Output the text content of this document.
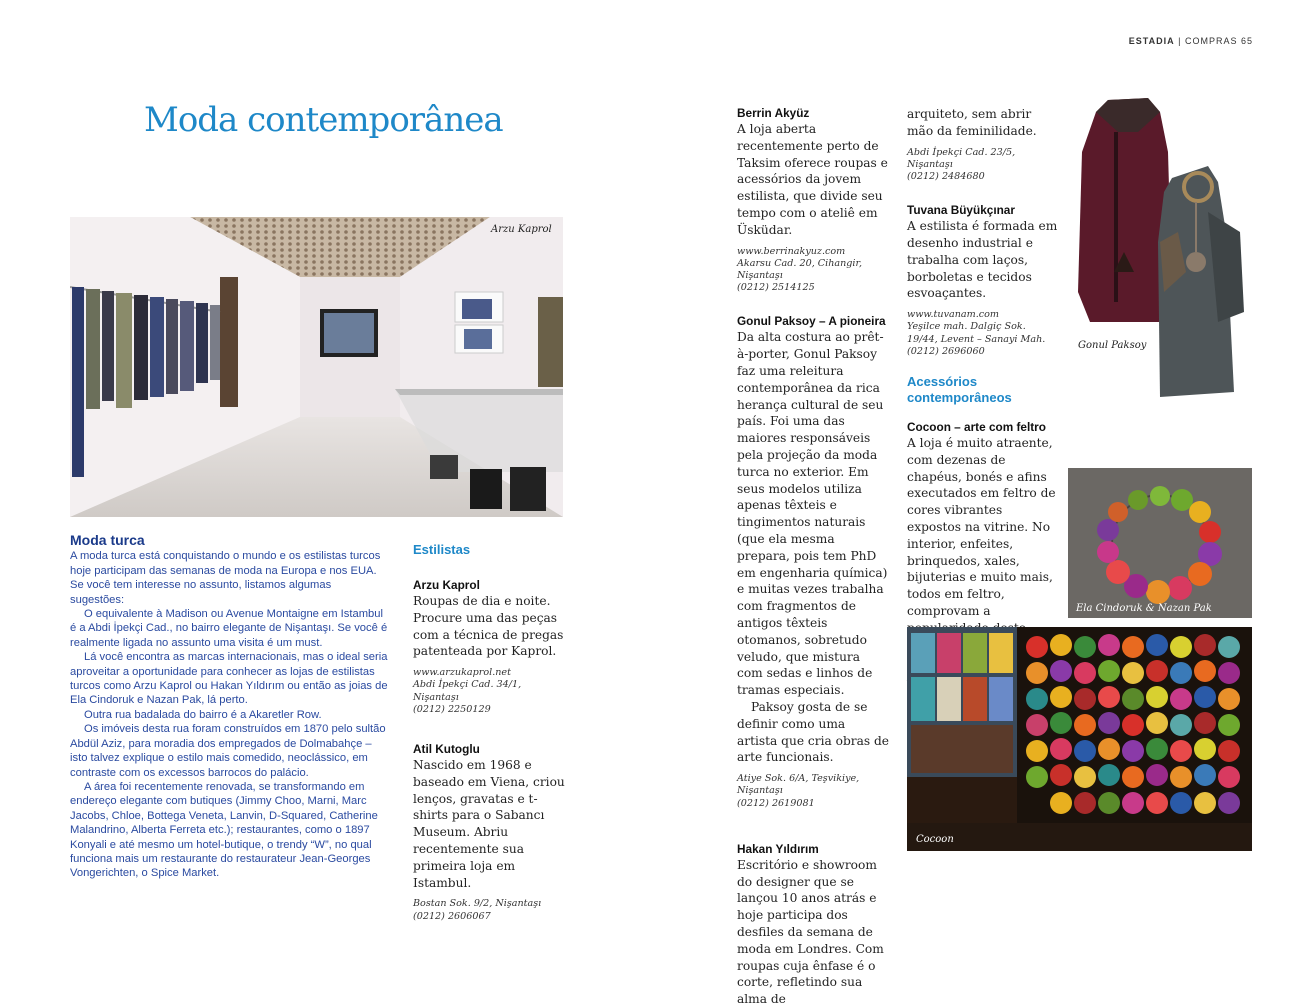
ESTADIA | COMPRAS 65
Moda contemporânea
Arzu Kaprol
Moda turca

A moda turca está conquistando o mundo e os estilistas turcos hoje participam das semanas de moda na Europa e nos EUA. Se você tem interesse no assunto, listamos algumas sugestões:

O equivalente à Madison ou Avenue Montaigne em Istambul é a Abdi İpekçi Cad., no bairro elegante de Nişantaşı. Se você é realmente ligada no assunto uma visita é um must.

Lá você encontra as marcas internacionais, mas o ideal seria aproveitar a oportunidade para conhecer as lojas de estilistas turcos como Arzu Kaprol ou Hakan Yıldırım ou então as joias de Ela Cindoruk e Nazan Pak, lá perto.

Outra rua badalada do bairro é a Akaretler Row.

Os imóveis desta rua foram construídos em 1870 pelo sultão Abdül Aziz, para moradia dos empregados de Dolmabahçe – isto talvez explique o estilo mais comedido, neoclássico, em contraste com os excessos barrocos do palácio.

A área foi recentemente renovada, se transformando em endereço elegante com butiques (Jimmy Choo, Marni, Marc Jacobs, Chloe, Bottega Veneta, Lanvin, D-Squared, Catherine Malandrino, Alberta Ferreta etc.); restaurantes, como o 1897 Konyali e até mesmo um hotel-butique, o trendy “W”, no qual funciona mais um restaurante do restaurateur Jean-Georges Vongerichten, o Spice Market.

Estilistas
Arzu Kaprol

Roupas de dia e noite. Procure uma das peças com a técnica de pregas patenteada por Kaprol.

www.arzukaprol.net
Abdi İpekçi Cad. 34/1, Nişantaşı
(0212) 2250129

Atil Kutoglu

Nascido em 1968 e baseado em Viena, criou lenços, gravatas e t-shirts para o Sabancı Museum. Abriu recentemente sua primeira loja em Istambul.

Bostan Sok. 9/2, Nişantaşı
(0212) 2606067

Berrin Akyüz

A loja aberta recentemente perto de Taksim oferece roupas e acessórios da jovem estilista, que divide seu tempo com o ateliê em Üsküdar.

www.berrinakyuz.com
Akarsu Cad. 20, Cihangir, Nişantaşı
(0212) 2514125

Gonul Paksoy – A pioneira

Da alta costura ao prêt-à-porter, Gonul Paksoy faz uma releitura contemporânea da rica herança cultural de seu país. Foi uma das maiores responsáveis pela projeção da moda turca no exterior. Em seus modelos utiliza apenas têxteis e tingimentos naturais (que ela mesma prepara, pois tem PhD em engenharia química) e muitas vezes trabalha com fragmentos de antigos têxteis otomanos, sobretudo veludo, que mistura com sedas e linhos de tramas especiais.

Paksoy gosta de se definir como uma artista que cria obras de arte funcionais.

Atiye Sok. 6/A, Teşvikiye, Nişantaşı
(0212) 2619081

Hakan Yıldırım

Escritório e showroom do designer que se lançou 10 anos atrás e hoje participa dos desfiles da semana de moda em Londres. Com roupas cuja ênfase é o corte, refletindo sua alma de

arquiteto, sem abrir mão da feminilidade.

Abdi İpekçi Cad. 23/5, Nişantaşı
(0212) 2484680

Tuvana Büyükçınar

A estilista é formada em desenho industrial e trabalha com laços, borboletas e tecidos esvoaçantes.

www.tuvanam.com
Yeşilce mah. Dalgiç Sok. 19/44, Levent – Sanayi Mah.
(0212) 2696060

Acessórios contemporâneos
Cocoon – arte com feltro

A loja é muito atraente, com dezenas de chapéus, bonés e afins executados em feltro de cores vibrantes expostos na vitrine. No interior, enfeites, brinquedos, xales, bijuterias e muito mais, todos em feltro, comprovam a

Gonul Paksoy
Ela Cindoruk & Nazan Pak
Cocoon
